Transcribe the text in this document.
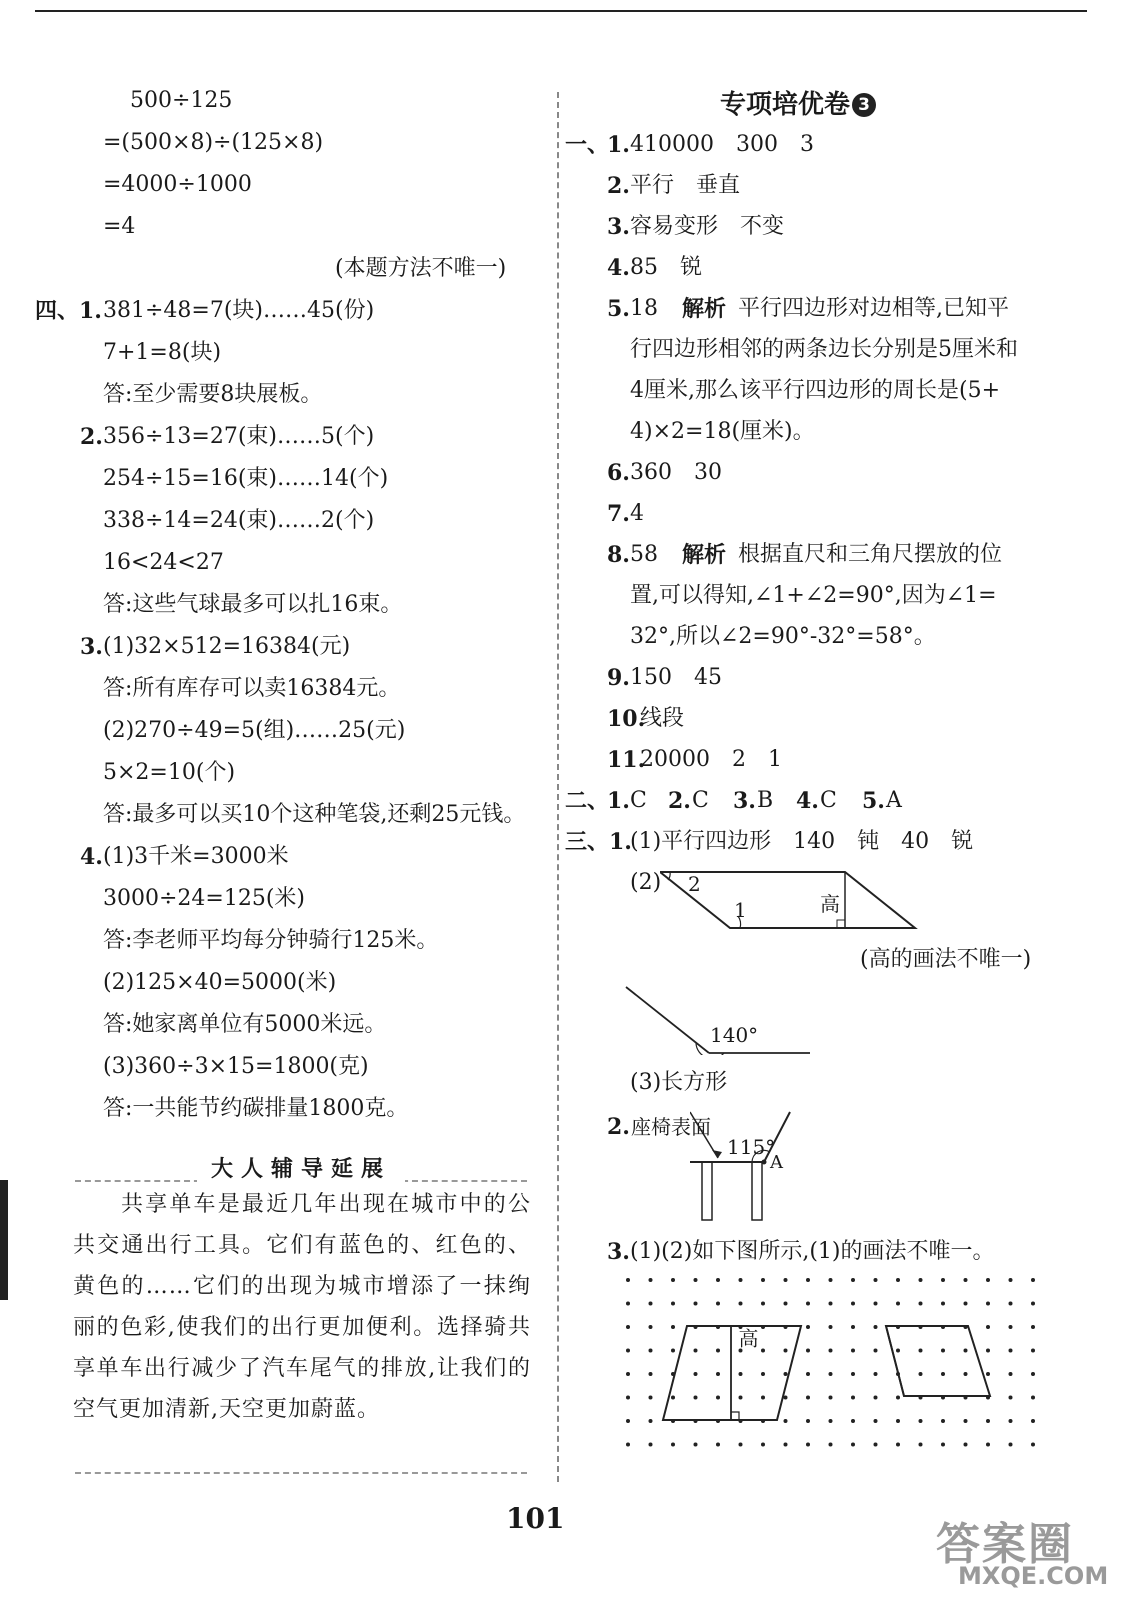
500÷125
=(500×8)÷(125×8)
=4000÷1000
=4
(本题方法不唯一)
四、1. 381÷48=7(块)……45(份)
7+1=8(块)
答:至少需要8块展板。
2. 356÷13=27(束)……5(个)
254÷15=16(束)……14(个)
338÷14=24(束)……2(个)
16<24<27
答:这些气球最多可以扎16束。
3. (1)32×512=16384(元)
答:所有库存可以卖16384元。
(2)270÷49=5(组)……25(元)
5×2=10(个)
答:最多可以买10个这种笔袋,还剩25元钱。
4. (1)3千米=3000米
3000÷24=125(米)
答:李老师平均每分钟骑行125米。
(2)125×40=5000(米)
答:她家离单位有5000米远。
(3)360÷3×15=1800(克)
答:一共能节约碳排量1800克。
大人辅导延展
共享单车是最近几年出现在城市中的公共交通出行工具。它们有蓝色的、红色的、黄色的……它们的出现为城市增添了一抹绚丽的色彩,使我们的出行更加便利。选择骑共享单车出行减少了汽车尾气的排放,让我们的空气更加清新,天空更加蔚蓝。
专项培优卷 3
一、
1. 410000　300　3
2. 平行　垂直
3. 容易变形　不变
4. 85　锐
5. 18 解析 平行四边形对边相等,已知平
行四边形相邻的两条边长分别是5厘米和
4厘米,那么该平行四边形的周长是(5+
4)×2=18(厘米)。
6. 360　30
7. 4
8. 58 解析 根据直尺和三角尺摆放的位
置,可以得知,∠1+∠2=90°,因为∠1=
32°,所以∠2=90°-32°=58°。
9. 150　45
10.
线段
11.
20000　2　1
二、
1. C 2. C 3. B 4. C 5. A
三、1.
(1)平行四边形　140　钝　40　锐
(2) 2
1	高
(高的画法不唯一)
140°
(3)长方形
2. 座椅表面
115°
A
3. (1)(2)如下图所示,(1)的画法不唯一。
高
101
答案圈
MXQE.COM
